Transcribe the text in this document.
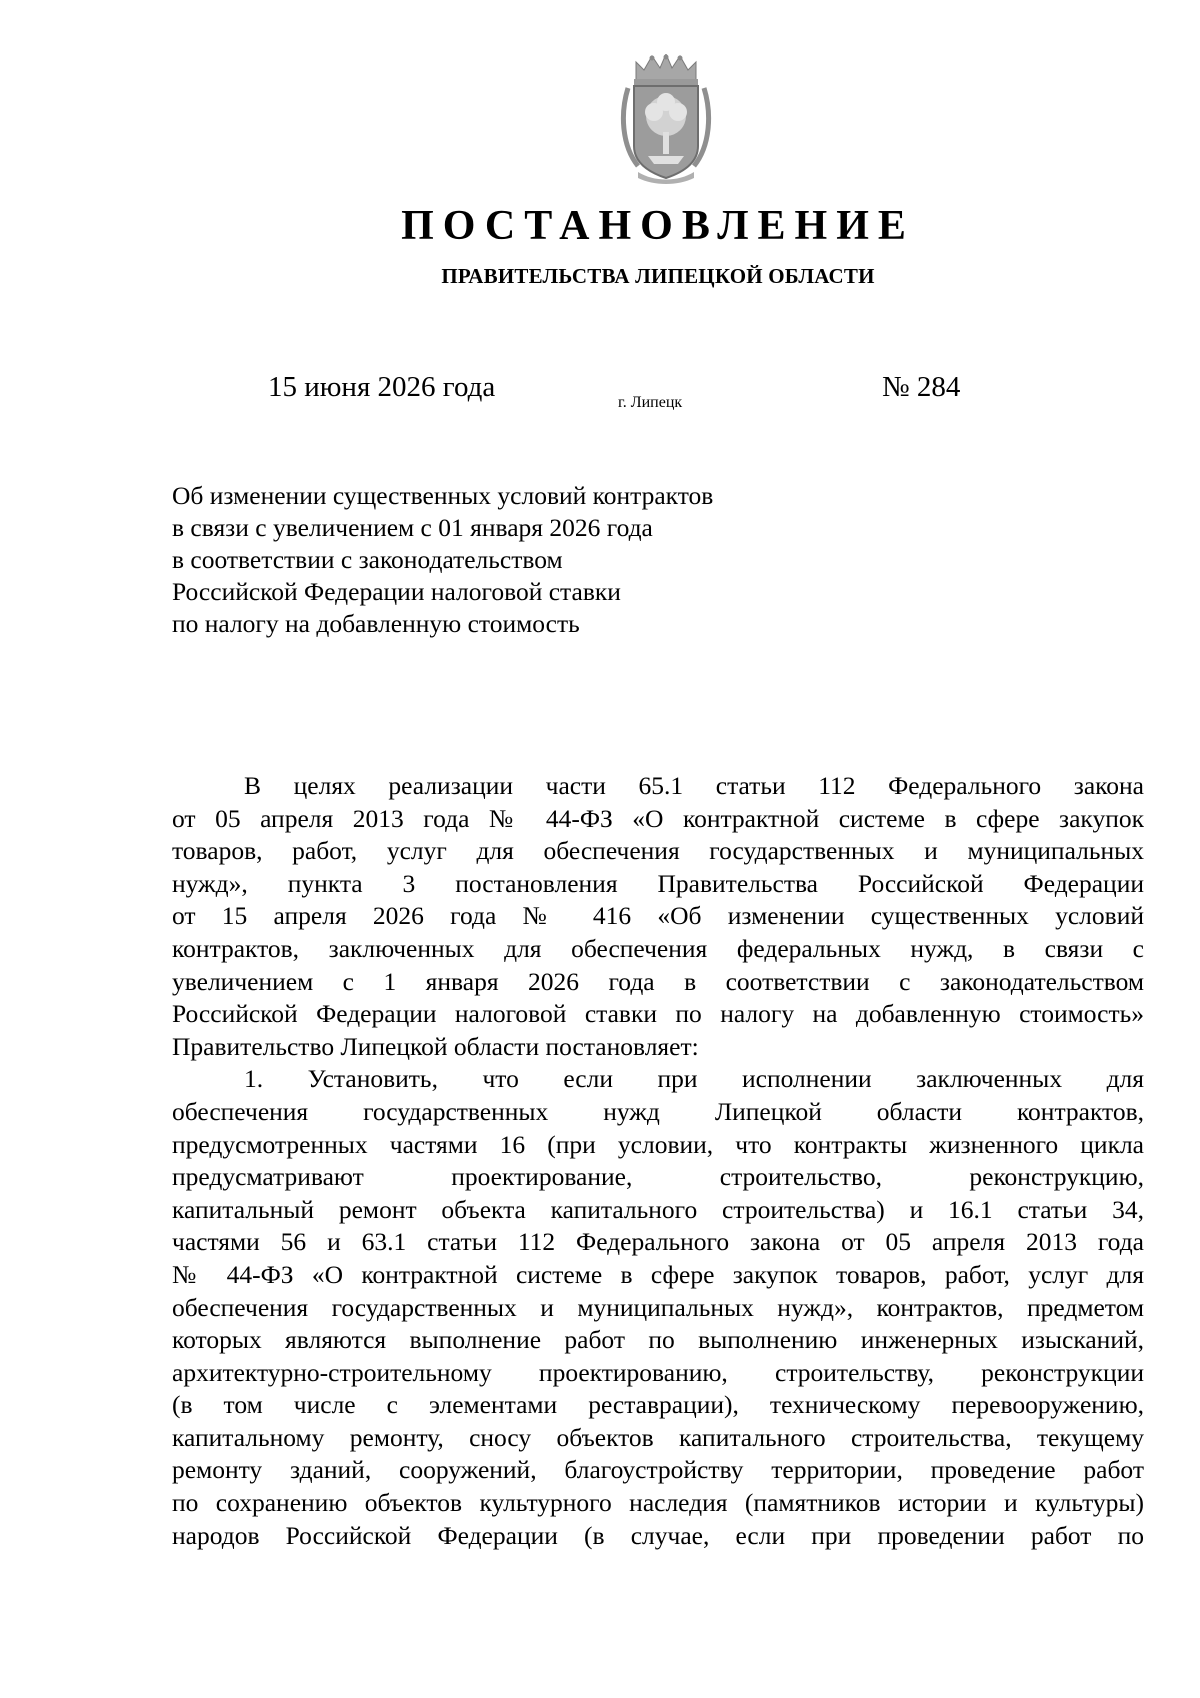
ПОСТАНОВЛЕНИЕ
ПРАВИТЕЛЬСТВА ЛИПЕЦКОЙ ОБЛАСТИ
15 июня 2026 года	г. Липецк	№ 284
Об изменении существенных условий контрактов
в связи с увеличением с 01 января 2026 года
в соответствии с законодательством
Российской Федерации налоговой ставки
по налогу на добавленную стоимость
В целях реализации части 65.1 статьи 112 Федерального закона
от 05 апреля 2013 года № 44-ФЗ «О контрактной системе в сфере закупок
товаров, работ, услуг для обеспечения государственных и муниципальных
нужд», пункта 3 постановления Правительства Российской Федерации
от 15 апреля 2026 года № 416 «Об изменении существенных условий
контрактов, заключенных для обеспечения федеральных нужд, в связи с
увеличением с 1 января 2026 года в соответствии с законодательством
Российской Федерации налоговой ставки по налогу на добавленную стоимость»
Правительство Липецкой области постановляет:
1. Установить, что если при исполнении заключенных для
обеспечения государственных нужд Липецкой области контрактов,
предусмотренных частями 16 (при условии, что контракты жизненного цикла
предусматривают проектирование, строительство, реконструкцию,
капитальный ремонт объекта капитального строительства) и 16.1 статьи 34,
частями 56 и 63.1 статьи 112 Федерального закона от 05 апреля 2013 года
№ 44-ФЗ «О контрактной системе в сфере закупок товаров, работ, услуг для
обеспечения государственных и муниципальных нужд», контрактов, предметом
которых являются выполнение работ по выполнению инженерных изысканий,
архитектурно-строительному проектированию, строительству, реконструкции
(в том числе с элементами реставрации), техническому перевооружению,
капитальному ремонту, сносу объектов капитального строительства, текущему
ремонту зданий, сооружений, благоустройству территории, проведение работ
по сохранению объектов культурного наследия (памятников истории и культуры)
народов Российской Федерации (в случае, если при проведении работ по
